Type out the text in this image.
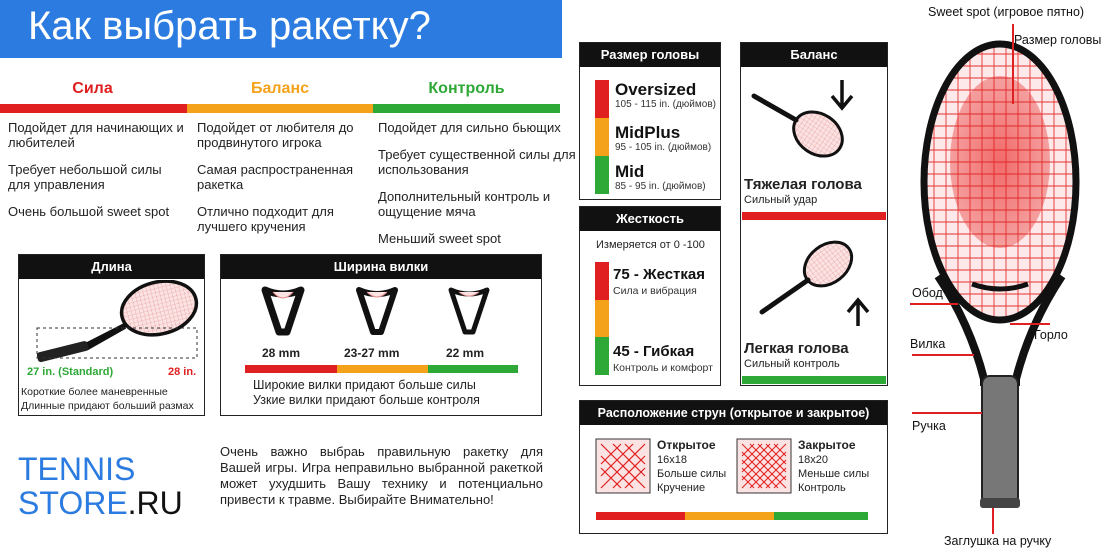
Как выбрать ракетку?
Сила	Баланс	Контроль

Подойдет для начинающих и любителей

Требует небольшой силы для управления

Очень большой sweet spot

Подойдет от любителя до продвинутого игрока

Самая распространенная ракетка

Отлично подходит для лучшего кручения

Подойдет для сильно бьющих

Требует существенной силы для использования

Дополнительный контроль и ощущение мяча

Меньший sweet spot

Длина
27 in. (Standard)	28 in.
Короткие более маневренные
Длинные придают больший размах
Ширина вилки
28 mm	23-27 mm	22 mm
Широкие вилки придают больше силы
Узкие вилки придают больше контроля
TENNIS
STORE.RU
Очень важно выбраь правильную ракетку для Вашей игры. Игра неправильно выбранной ракеткой может ухудшить Вашу технику и потенциально привести к травме. Выбирайте Внимательно!
Размер головы
Oversized
105 - 115 in. (дюймов)
MidPlus
95 - 105 in. (дюймов)
Mid
85 - 95 in. (дюймов)
Жесткость
Измеряется от 0 -100
75 - Жесткая
Сила и вибрация
45 - Гибкая
Контроль и комфорт
Баланс
Тяжелая голова
Сильный удар
Легкая голова
Сильный контроль
Расположение струн (открытое и закрытое)
Открытое
16x18
Больше силы
Кручение
Закрытое
18x20
Меньше силы
Контроль
Sweet spot (игровое пятно)
Размер головы
Обод
Горло
Вилка
Ручка
Заглушка на ручку
